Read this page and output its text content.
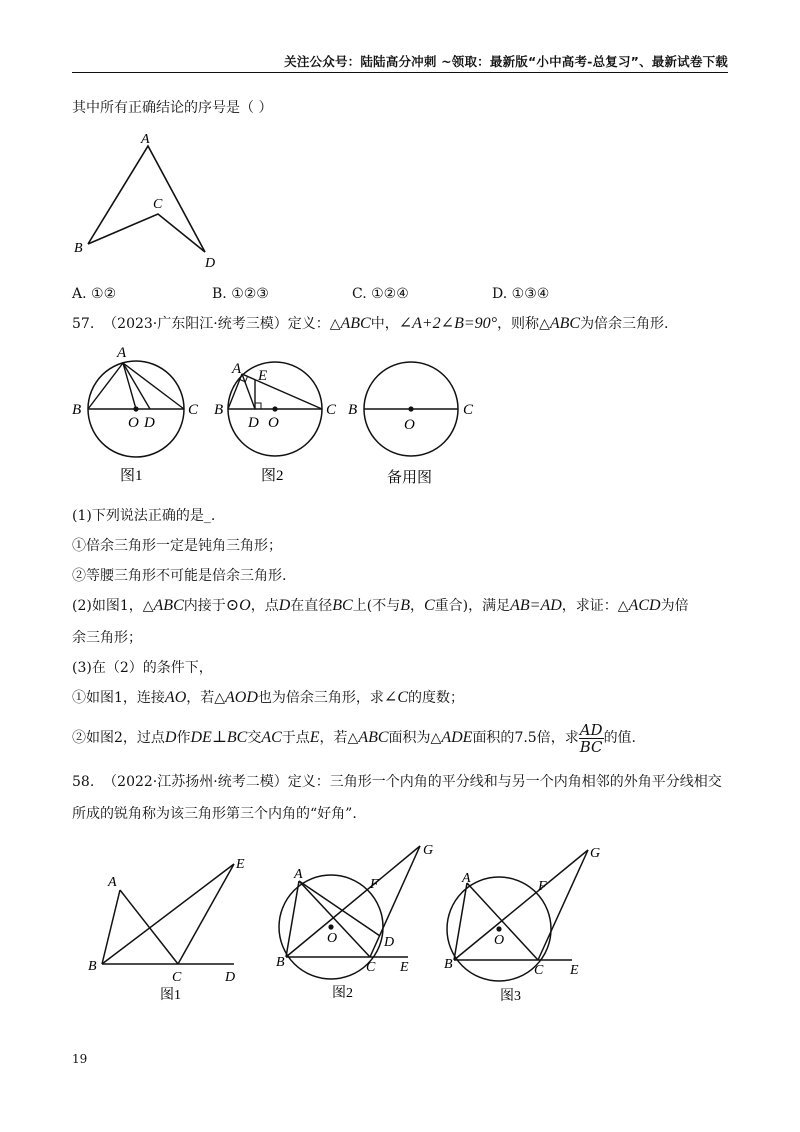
关注公众号：陆陆高分冲刺 ~领取：最新版“小中高考-总复习”、最新试卷下载
其中所有正确结论的序号是（ ）
A
B
C
D
A. ①②	B. ①②③	C. ①②④	D. ①③④
57. （2023·广东阳江·统考三模）定义：△ABC中，∠A+2∠B=90°，则称△ABC为倍余三角形.
A
B	C
O D
图1
A E
B	C
D O
图2
B	C
O
备用图
(1)下列说法正确的是_.
①倍余三角形一定是钝角三角形；
②等腰三角形不可能是倍余三角形.
(2)如图1，△ABC内接于⊙O，点D在直径BC上(不与B，C重合)，满足AB=AD，求证：△ACD为倍
余三角形；
(3)在（2）的条件下，
①如图1，连接AO，若△AOD也为倍余三角形，求∠C的度数；
②如图2，过点D作DE⊥BC交AC于点E，若△ABC面积为△ADE面积的7.5倍，求 $\frac{AD}{BC}$ 的值.
58. （2022·江苏扬州·统考二模）定义：三角形一个内角的平分线和与另一个内角相邻的外角平分线相交
所成的锐角称为该三角形第三个内角的“好角”.
A
B
C	D
E
图1
A
F
G
O	D
B	C E
图2
A
F
G
O
B	C E
图3
19
